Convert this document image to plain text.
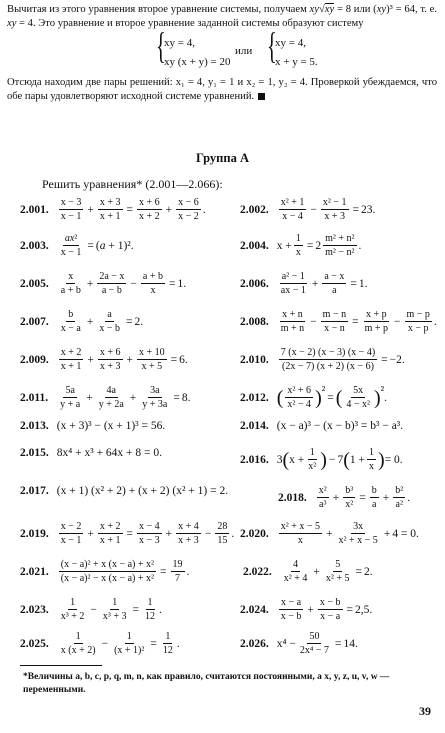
Вычитая из этого уравнения второе уравнение системы, получаем xy√xy = 8 или (xy)³ = 64, т. е. xy = 4. Это уравнение и второе уравнение заданной системы образуют систему

{ xy = 4,
xy (x + y) = 20
или
{ xy = 4,
x + y = 5.

Отсюда находим две пары решений: x₁ = 4, y₁ = 1 и x₂ = 1, y₂ = 4. Проверкой убеждаемся, что обе пары удовлетворяют исходной системе уравнений.

Группа А
Решить уравнения* (2.001—2.066):
2.001. $\frac{x - 3}{x - 1} + \frac{x + 3}{x + 1} = \frac{x + 6}{x + 2} + \frac{x - 6}{x - 2}$ .
2.003. $\frac{\text{ax²}}{x - 1} = (a + 1)^2$.
2.005. $\frac{x}{a + b} + \frac{2a - x}{a - b} - \frac{a + b}{x} = 1$.
2.007. $\frac{b}{x - a} + \frac{a}{x - b} = 2$.
2.009. $\frac{x + 2}{x + 1} + \frac{x + 6}{x + 3} + \frac{x + 10}{x + 5} = 6$.
2.011. $\frac{5a}{y + a} + \frac{4a}{y + 2a} + \frac{3a}{y + 3a} = 8$.
2.013. (x + 3)³ − (x + 1)³ = 56.
2.015. 8x⁴ + x³ + 64x + 8 = 0.
2.017. (x + 1) (x² + 2) + (x + 2) (x² + 1) = 2.
2.019. $\frac{x - 2}{x - 1} + \frac{x + 2}{x + 1} = \frac{x - 4}{x - 3} + \frac{x + 4}{x + 3} - \frac{28}{15}$ .
2.021. $\frac{\text{(x − a)² + x (x − a) + x²}}{\text{(x − a)² − x (x − a) + x²}} = \frac{19}{7}$ .
2.023. $\frac{1}{\text{x³ + 2}} - \frac{1}{\text{x³ + 3}} = \frac{1}{12}$ .
2.025. $\frac{1}{x (x + 2)} - \frac{1}{\text{(x + 1)²}} = \frac{1}{12}$ .
2.002. $\frac{\text{x² + 1}}{x - 4} - \frac{\text{x² − 1}}{x + 3} = 23$.
2.004. $x + \frac{1}{x} = 2 \frac{\text{m² + n²}}{\text{m² − n²}}$ .
2.006. $\frac{\text{a² − 1}}{ax - 1} + \frac{a - x}{a} = 1$.
2.008. $\frac{x + n}{m + n} - \frac{m - n}{x - n} = \frac{x + p}{m + p} - \frac{m - p}{x - p}$ .
2.010. $\frac{7 (x - 2) (x - 3) (x - 4)}{(2x - 7) (x + 2) (x - 6)} = -2$.
2.012. ( $\frac{\text{x² + 6}}{\text{x² − 4}}$ ) ²
= ( $\frac{5x}{\text{4 − x²}}$ ) ²
.
2.014. (x − a)³ − (x − b)³ = b³ − a³.
2.016. 3 ( $x + \frac{1}{\text{x²}}$ ) − 7 ( $1 + \frac{1}{x}$ ) = 0.
2.018. $\frac{\text{x²}}{\text{a³}} + \frac{\text{b³}}{\text{x²}} = \frac{b}{a} + \frac{\text{b²}}{\text{a²}}$ .
2.020. $\frac{\text{x² + x − 5}}{x} + \frac{3x}{\text{x² + x − 5}} + 4 = 0$.
2.022. $\frac{4}{\text{x² + 4}} + \frac{5}{\text{x² + 5}} = 2$.
2.024. $\frac{x - a}{x - b} + \frac{x - b}{x - a} = 2,5$.
2.026. $x^4 - \frac{50}{\text{2x⁴ − 7}} = 14$.
*Величины a, b, c, p, q, m, n, как правило, считаются постоянными, а x, y, z, u, v, w — переменными.
39
